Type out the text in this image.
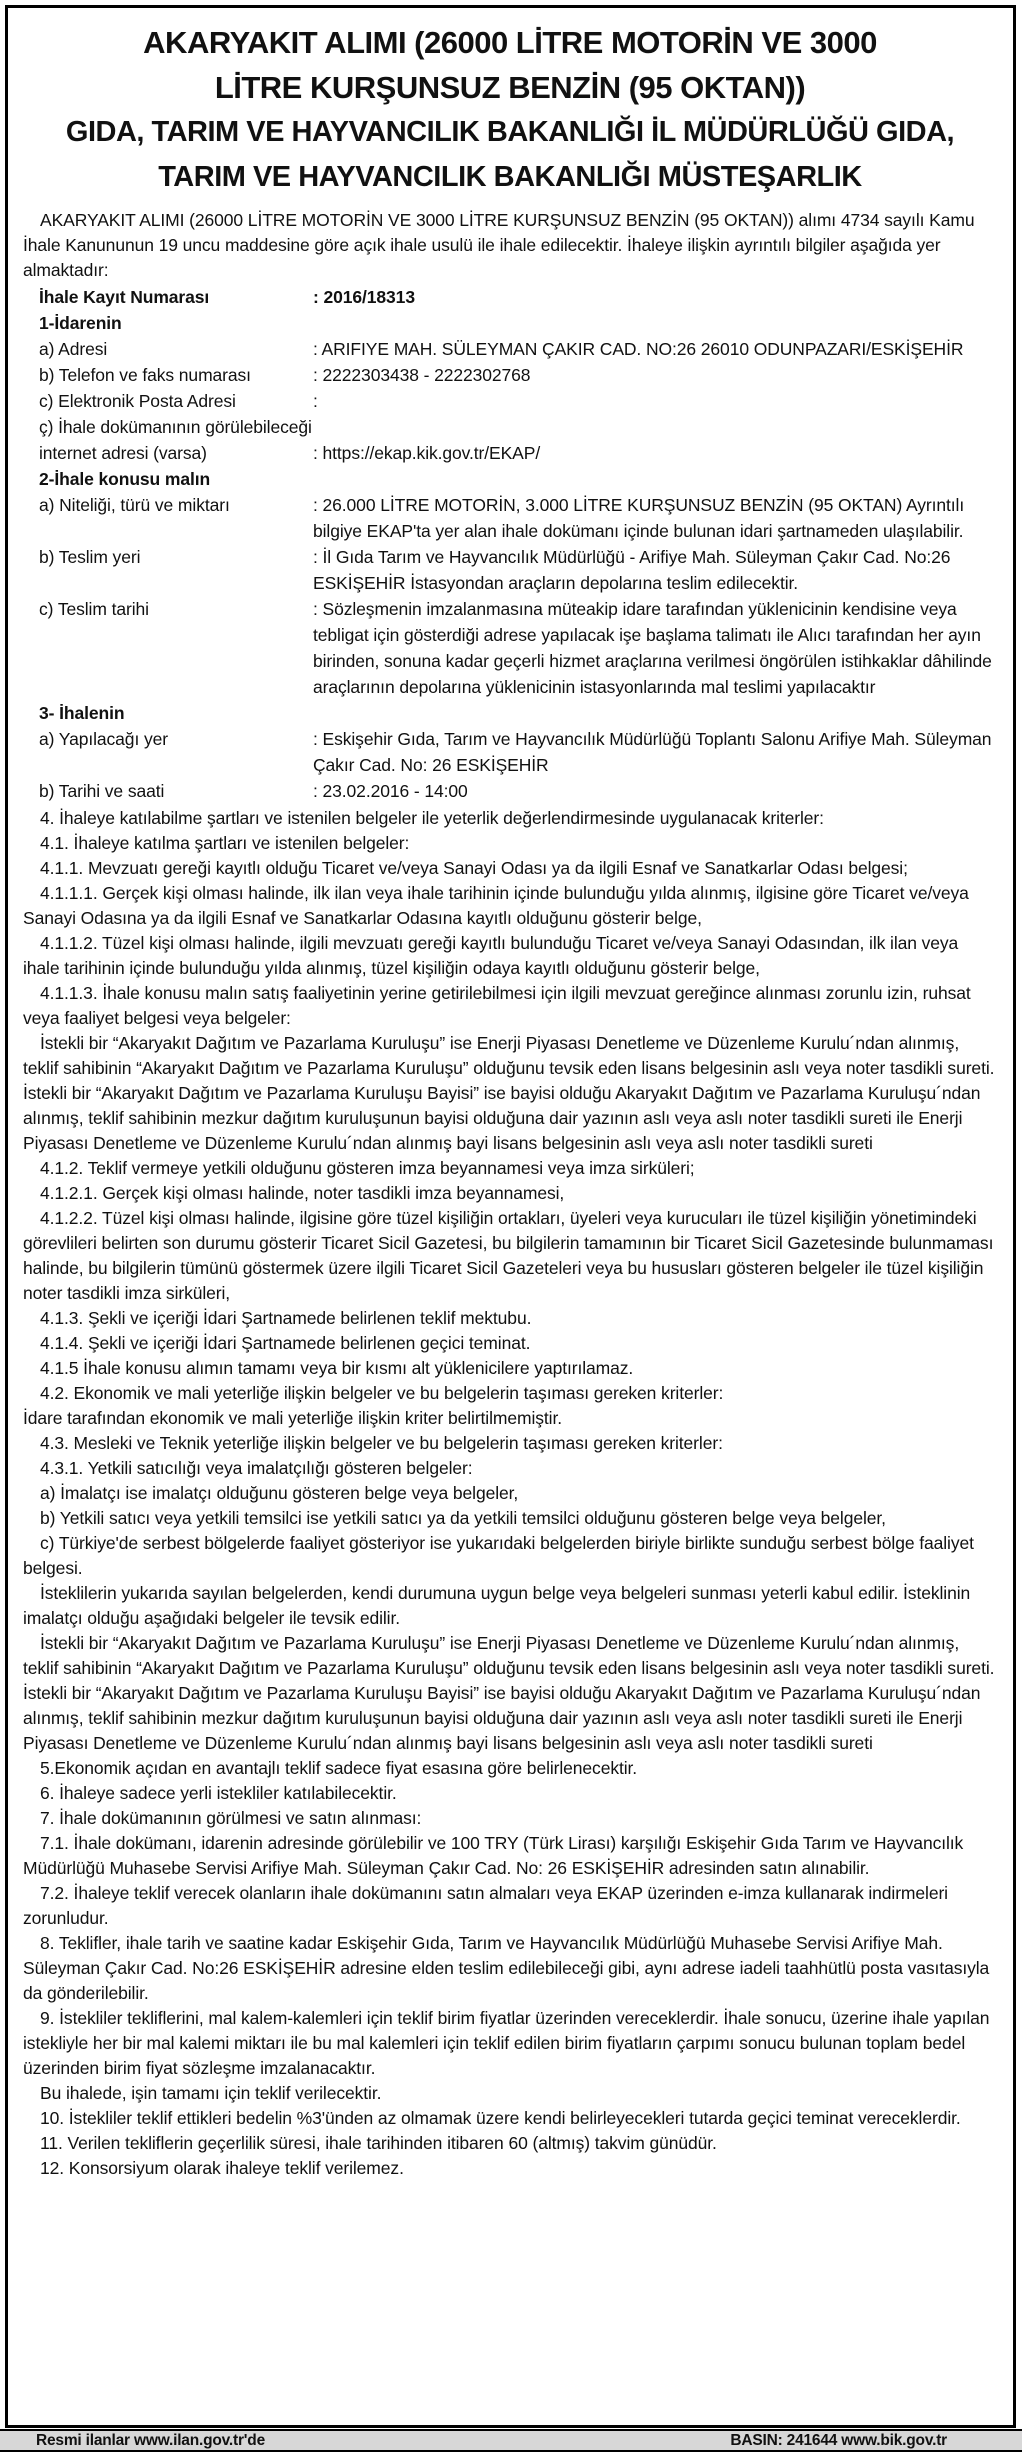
AKARYAKIT ALIMI (26000 LİTRE MOTORİN VE 3000
LİTRE KURŞUNSUZ BENZİN (95 OKTAN))
GIDA, TARIM VE HAYVANCILIK BAKANLIĞI İL MÜDÜRLÜĞÜ GIDA,
TARIM VE HAYVANCILIK BAKANLIĞI MÜSTEŞARLIK

AKARYAKIT ALIMI (26000 LİTRE MOTORİN VE 3000 LİTRE KURŞUNSUZ BENZİN (95 OKTAN)) alımı 4734 sayılı Kamu İhale Kanununun 19 uncu maddesine göre açık ihale usulü ile ihale edilecektir. İhaleye ilişkin ayrıntılı bilgiler aşağıda yer almaktadır:

İhale Kayıt Numarası	: 2016/18313
1-İdarenin
a) Adresi	: ARIFIYE MAH. SÜLEYMAN ÇAKIR CAD. NO:26 26010 ODUNPAZARI/ESKİŞEHİR
b) Telefon ve faks numarası	: 2222303438 - 2222302768
c) Elektronik Posta Adresi	:
ç) İhale dokümanının görülebileceği
internet adresi (varsa)	: https://ekap.kik.gov.tr/EKAP/
2-İhale konusu malın
a) Niteliği, türü ve miktarı	: 26.000 LİTRE MOTORİN, 3.000 LİTRE KURŞUNSUZ BENZİN (95 OKTAN) Ayrıntılı bilgiye EKAP'ta yer alan ihale dokümanı içinde bulunan idari şartnameden ulaşılabilir.
b) Teslim yeri	: İl Gıda Tarım ve Hayvancılık Müdürlüğü - Arifiye Mah. Süleyman Çakır Cad. No:26 ESKİŞEHİR İstasyondan araçların depolarına teslim edilecektir.
c) Teslim tarihi	: Sözleşmenin imzalanmasına müteakip idare tarafından yüklenicinin kendisine veya tebligat için gösterdiği adrese yapılacak işe başlama talimatı ile Alıcı tarafından her ayın birinden, sonuna kadar geçerli hizmet araçlarına verilmesi öngörülen istihkaklar dâhilinde araçlarının depolarına yüklenicinin istasyonlarında mal teslimi yapılacaktır
3- İhalenin
a) Yapılacağı yer	: Eskişehir Gıda, Tarım ve Hayvancılık Müdürlüğü Toplantı Salonu Arifiye Mah. Süleyman Çakır Cad. No: 26 ESKİŞEHİR
b) Tarihi ve saati	: 23.02.2016 - 14:00

4. İhaleye katılabilme şartları ve istenilen belgeler ile yeterlik değerlendirmesinde uygulanacak kriterler:

4.1. İhaleye katılma şartları ve istenilen belgeler:

4.1.1. Mevzuatı gereği kayıtlı olduğu Ticaret ve/veya Sanayi Odası ya da ilgili Esnaf ve Sanatkarlar Odası belgesi;

4.1.1.1. Gerçek kişi olması halinde, ilk ilan veya ihale tarihinin içinde bulunduğu yılda alınmış, ilgisine göre Ticaret ve/veya Sanayi Odasına ya da ilgili Esnaf ve Sanatkarlar Odasına kayıtlı olduğunu gösterir belge,

4.1.1.2. Tüzel kişi olması halinde, ilgili mevzuatı gereği kayıtlı bulunduğu Ticaret ve/veya Sanayi Odasından, ilk ilan veya ihale tarihinin içinde bulunduğu yılda alınmış, tüzel kişiliğin odaya kayıtlı olduğunu gösterir belge,

4.1.1.3. İhale konusu malın satış faaliyetinin yerine getirilebilmesi için ilgili mevzuat gereğince alınması zorunlu izin, ruhsat veya faaliyet belgesi veya belgeler:

İstekli bir “Akaryakıt Dağıtım ve Pazarlama Kuruluşu” ise Enerji Piyasası Denetleme ve Düzenleme Kurulu´ndan alınmış, teklif sahibinin “Akaryakıt Dağıtım ve Pazarlama Kuruluşu” olduğunu tevsik eden lisans belgesinin aslı veya noter tasdikli sureti. İstekli bir “Akaryakıt Dağıtım ve Pazarlama Kuruluşu Bayisi” ise bayisi olduğu Akaryakıt Dağıtım ve Pazarlama Kuruluşu´ndan alınmış, teklif sahibinin mezkur dağıtım kuruluşunun bayisi olduğuna dair yazının aslı veya aslı noter tasdikli sureti ile Enerji Piyasası Denetleme ve Düzenleme Kurulu´ndan alınmış bayi lisans belgesinin aslı veya aslı noter tasdikli sureti

4.1.2. Teklif vermeye yetkili olduğunu gösteren imza beyannamesi veya imza sirküleri;

4.1.2.1. Gerçek kişi olması halinde, noter tasdikli imza beyannamesi,

4.1.2.2. Tüzel kişi olması halinde, ilgisine göre tüzel kişiliğin ortakları, üyeleri veya kurucuları ile tüzel kişiliğin yönetimindeki görevlileri belirten son durumu gösterir Ticaret Sicil Gazetesi, bu bilgilerin tamamının bir Ticaret Sicil Gazetesinde bulunmaması halinde, bu bilgilerin tümünü göstermek üzere ilgili Ticaret Sicil Gazeteleri veya bu hususları gösteren belgeler ile tüzel kişiliğin noter tasdikli imza sirküleri,

4.1.3. Şekli ve içeriği İdari Şartnamede belirlenen teklif mektubu.

4.1.4. Şekli ve içeriği İdari Şartnamede belirlenen geçici teminat.

4.1.5 İhale konusu alımın tamamı veya bir kısmı alt yüklenicilere yaptırılamaz.

4.2. Ekonomik ve mali yeterliğe ilişkin belgeler ve bu belgelerin taşıması gereken kriterler:

İdare tarafından ekonomik ve mali yeterliğe ilişkin kriter belirtilmemiştir.

4.3. Mesleki ve Teknik yeterliğe ilişkin belgeler ve bu belgelerin taşıması gereken kriterler:

4.3.1. Yetkili satıcılığı veya imalatçılığı gösteren belgeler:

a) İmalatçı ise imalatçı olduğunu gösteren belge veya belgeler,

b) Yetkili satıcı veya yetkili temsilci ise yetkili satıcı ya da yetkili temsilci olduğunu gösteren belge veya belgeler,

c) Türkiye'de serbest bölgelerde faaliyet gösteriyor ise yukarıdaki belgelerden biriyle birlikte sunduğu serbest bölge faaliyet belgesi.

İsteklilerin yukarıda sayılan belgelerden, kendi durumuna uygun belge veya belgeleri sunması yeterli kabul edilir. İsteklinin imalatçı olduğu aşağıdaki belgeler ile tevsik edilir.

İstekli bir “Akaryakıt Dağıtım ve Pazarlama Kuruluşu” ise Enerji Piyasası Denetleme ve Düzenleme Kurulu´ndan alınmış, teklif sahibinin “Akaryakıt Dağıtım ve Pazarlama Kuruluşu” olduğunu tevsik eden lisans belgesinin aslı veya noter tasdikli sureti. İstekli bir “Akaryakıt Dağıtım ve Pazarlama Kuruluşu Bayisi” ise bayisi olduğu Akaryakıt Dağıtım ve Pazarlama Kuruluşu´ndan alınmış, teklif sahibinin mezkur dağıtım kuruluşunun bayisi olduğuna dair yazının aslı veya aslı noter tasdikli sureti ile Enerji Piyasası Denetleme ve Düzenleme Kurulu´ndan alınmış bayi lisans belgesinin aslı veya aslı noter tasdikli sureti

5.Ekonomik açıdan en avantajlı teklif sadece fiyat esasına göre belirlenecektir.

6. İhaleye sadece yerli istekliler katılabilecektir.

7. İhale dokümanının görülmesi ve satın alınması:

7.1. İhale dokümanı, idarenin adresinde görülebilir ve 100 TRY (Türk Lirası) karşılığı Eskişehir Gıda Tarım ve Hayvancılık Müdürlüğü Muhasebe Servisi Arifiye Mah. Süleyman Çakır Cad. No: 26 ESKİŞEHİR adresinden satın alınabilir.

7.2. İhaleye teklif verecek olanların ihale dokümanını satın almaları veya EKAP üzerinden e-imza kullanarak indirmeleri zorunludur.

8. Teklifler, ihale tarih ve saatine kadar Eskişehir Gıda, Tarım ve Hayvancılık Müdürlüğü Muhasebe Servisi Arifiye Mah. Süleyman Çakır Cad. No:26 ESKİŞEHİR adresine elden teslim edilebileceği gibi, aynı adrese iadeli taahhütlü posta vasıtasıyla da gönderilebilir.

9. İstekliler tekliflerini, mal kalem-kalemleri için teklif birim fiyatlar üzerinden vereceklerdir. İhale sonucu, üzerine ihale yapılan istekliyle her bir mal kalemi miktarı ile bu mal kalemleri için teklif edilen birim fiyatların çarpımı sonucu bulunan toplam bedel üzerinden birim fiyat sözleşme imzalanacaktır.

Bu ihalede, işin tamamı için teklif verilecektir.

10. İstekliler teklif ettikleri bedelin %3'ünden az olmamak üzere kendi belirleyecekleri tutarda geçici teminat vereceklerdir.

11. Verilen tekliflerin geçerlilik süresi, ihale tarihinden itibaren 60 (altmış) takvim günüdür.

12. Konsorsiyum olarak ihaleye teklif verilemez.

Resmi ilanlar www.ilan.gov.tr'de	BASIN: 241644 www.bik.gov.tr
